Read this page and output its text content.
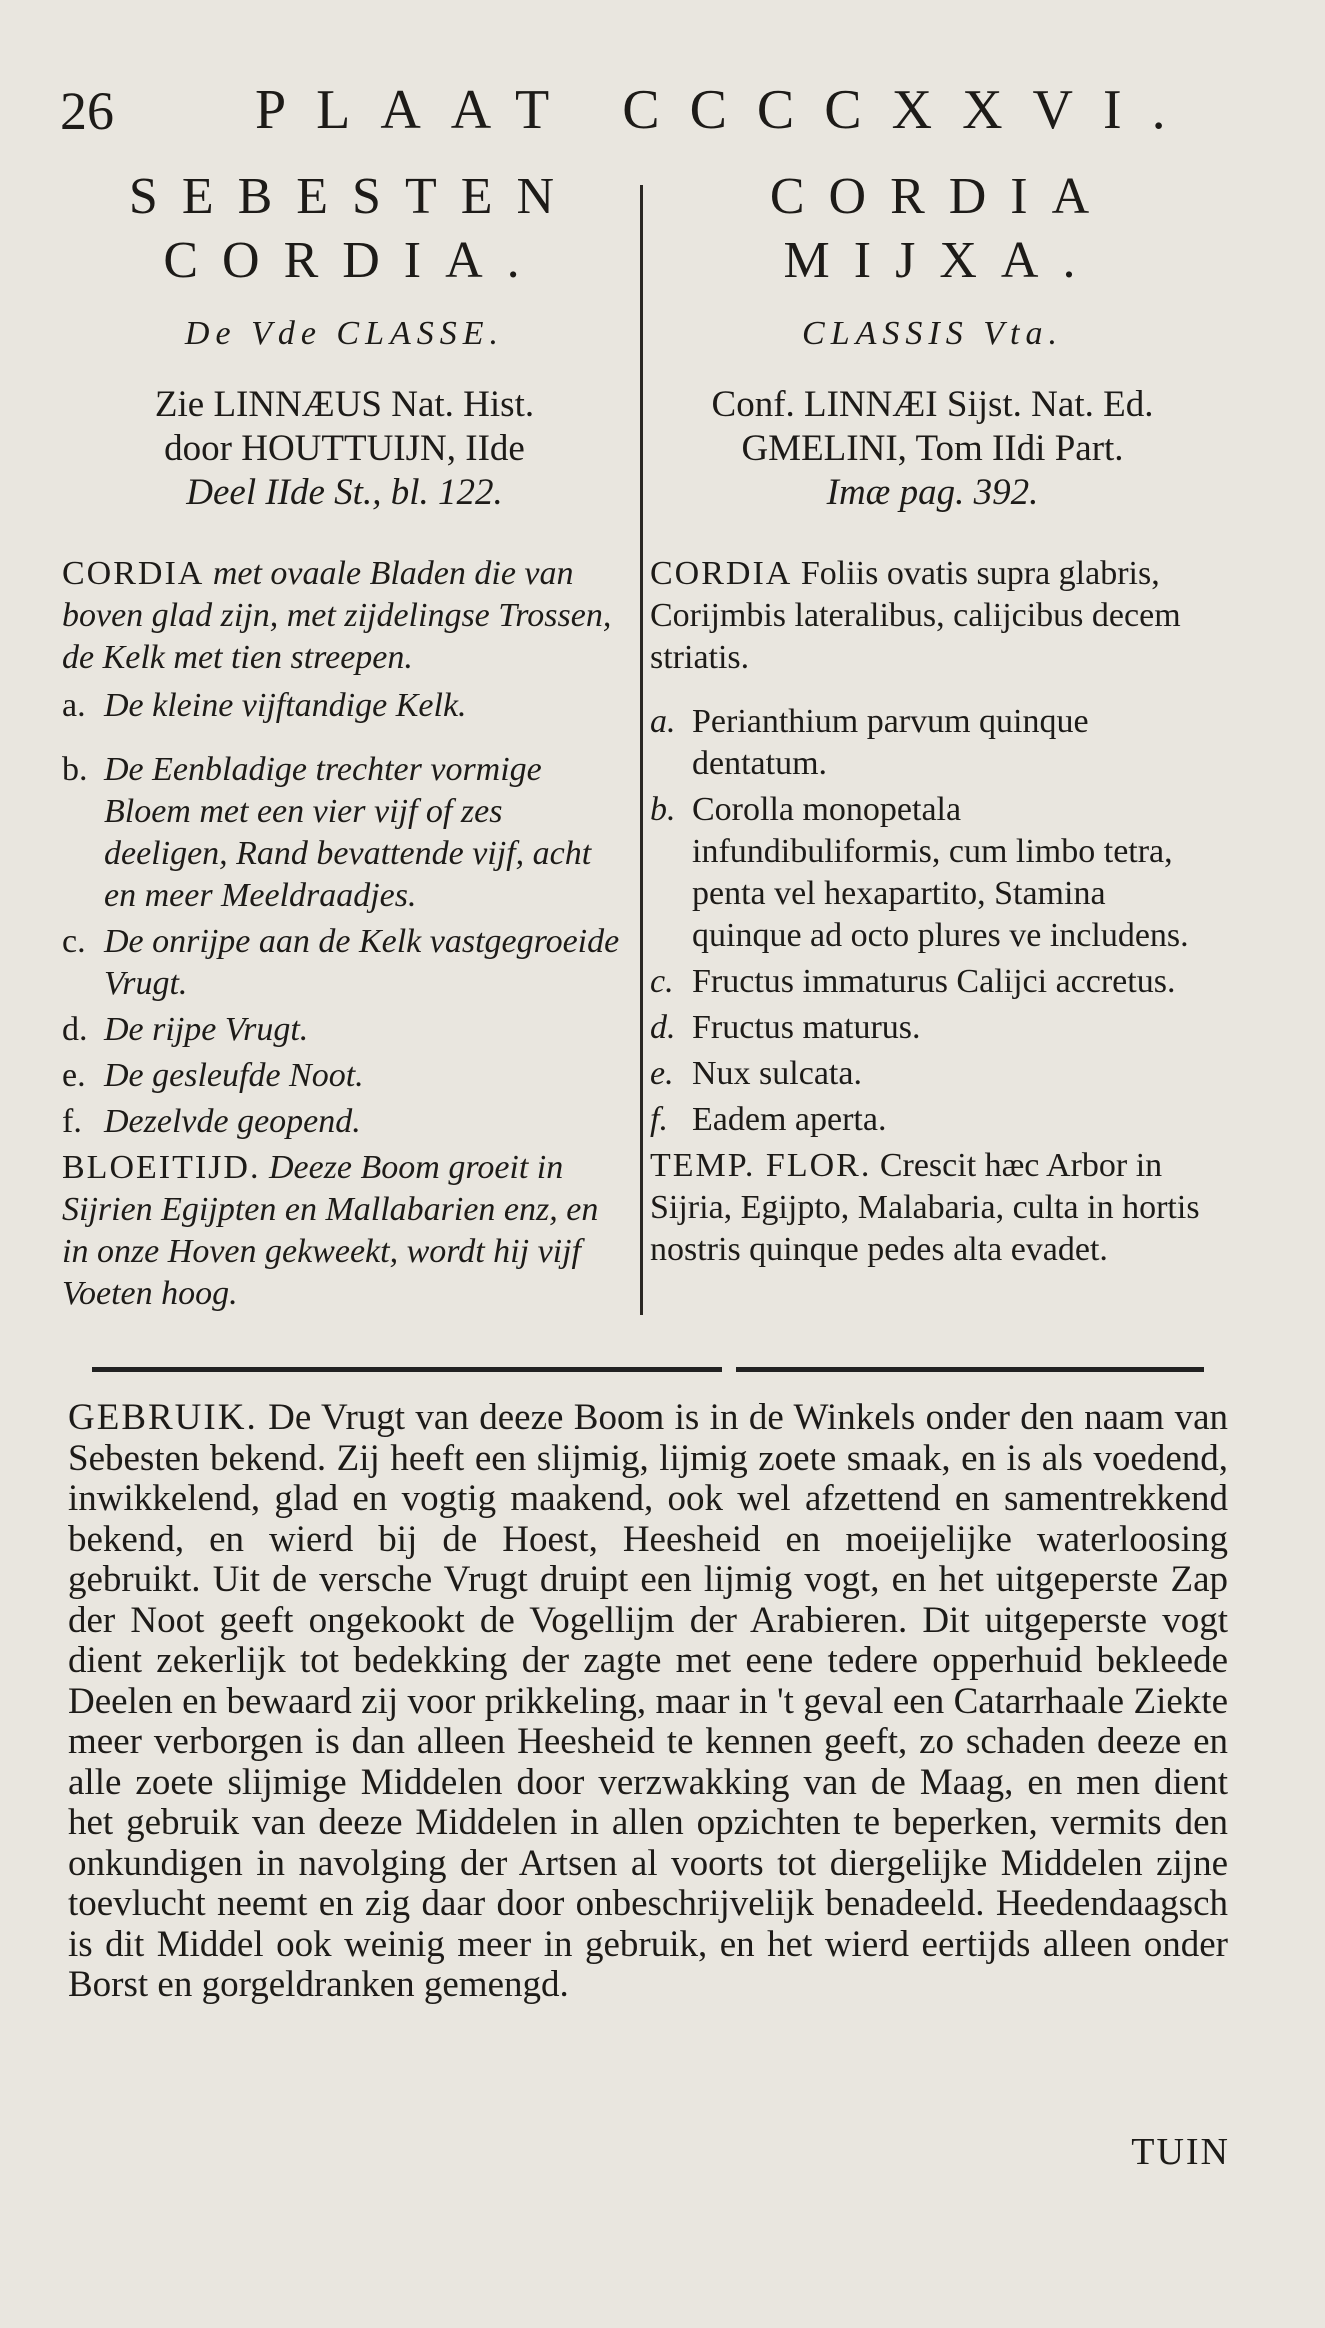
26	PLAAT CCCCXXVI.
SEBESTEN
CORDIA.
De Vde CLASSE.
Zie LINNÆUS Nat. Hist.
door HOUTTUIJN, IIde
Deel IIde St., bl. 122.
CORDIA met ovaale Bladen die van boven glad zijn, met zijdelingse Trossen, de Kelk met tien streepen.
a. De kleine vijftandige Kelk.
b. De Eenbladige trechter vormige Bloem met een vier vijf of zes deeligen, Rand bevattende vijf, acht en meer Meeldraadjes.
c. De onrijpe aan de Kelk vastgegroeide Vrugt.
d. De rijpe Vrugt.
e. De gesleufde Noot.
f. Dezelvde geopend.
BLOEITIJD. Deeze Boom groeit in Sijrien Egijpten en Mallabarien enz, en in onze Hoven gekweekt, wordt hij vijf Voeten hoog.
CORDIA
MIJXA.
CLASSIS Vta.
Conf. LINNÆI Sijst. Nat. Ed.
GMELINI, Tom IIdi Part.
Imæ pag. 392.
CORDIA Foliis ovatis supra glabris, Corijmbis lateralibus, calijcibus decem striatis.
a. Perianthium parvum quinque dentatum.
b. Corolla monopetala infundibuliformis, cum limbo tetra, penta vel hexapartito, Stamina quinque ad octo plures ve includens.
c. Fructus immaturus Calijci accretus.
d. Fructus maturus.
e. Nux sulcata.
f. Eadem aperta.
TEMP. FLOR. Crescit hæc Arbor in Sijria, Egijpto, Malabaria, culta in hortis nostris quinque pedes alta evadet.
GEBRUIK. De Vrugt van deeze Boom is in de Winkels onder den naam van Sebesten bekend. Zij heeft een slijmig, lijmig zoete smaak, en is als voedend, inwikkelend, glad en vogtig maakend, ook wel afzettend en samentrekkend bekend, en wierd bij de Hoest, Heesheid en moeijelijke waterloosing gebruikt. Uit de versche Vrugt druipt een lijmig vogt, en het uitgeperste Zap der Noot geeft ongekookt de Vogellijm der Arabieren. Dit uitgeperste vogt dient zekerlijk tot bedekking der zagte met eene tedere opperhuid bekleede Deelen en bewaard zij voor prikkeling, maar in 't geval een Catarrhaale Ziekte meer verborgen is dan alleen Heesheid te kennen geeft, zo schaden deeze en alle zoete slijmige Middelen door verzwakking van de Maag, en men dient het gebruik van deeze Middelen in allen opzichten te beperken, vermits den onkundigen in navolging der Artsen al voorts tot diergelijke Middelen zijne toevlucht neemt en zig daar door onbeschrijvelijk benadeeld. Heedendaagsch is dit Middel ook weinig meer in gebruik, en het wierd eertijds alleen onder Borst en gorgeldranken gemengd.
TUIN
